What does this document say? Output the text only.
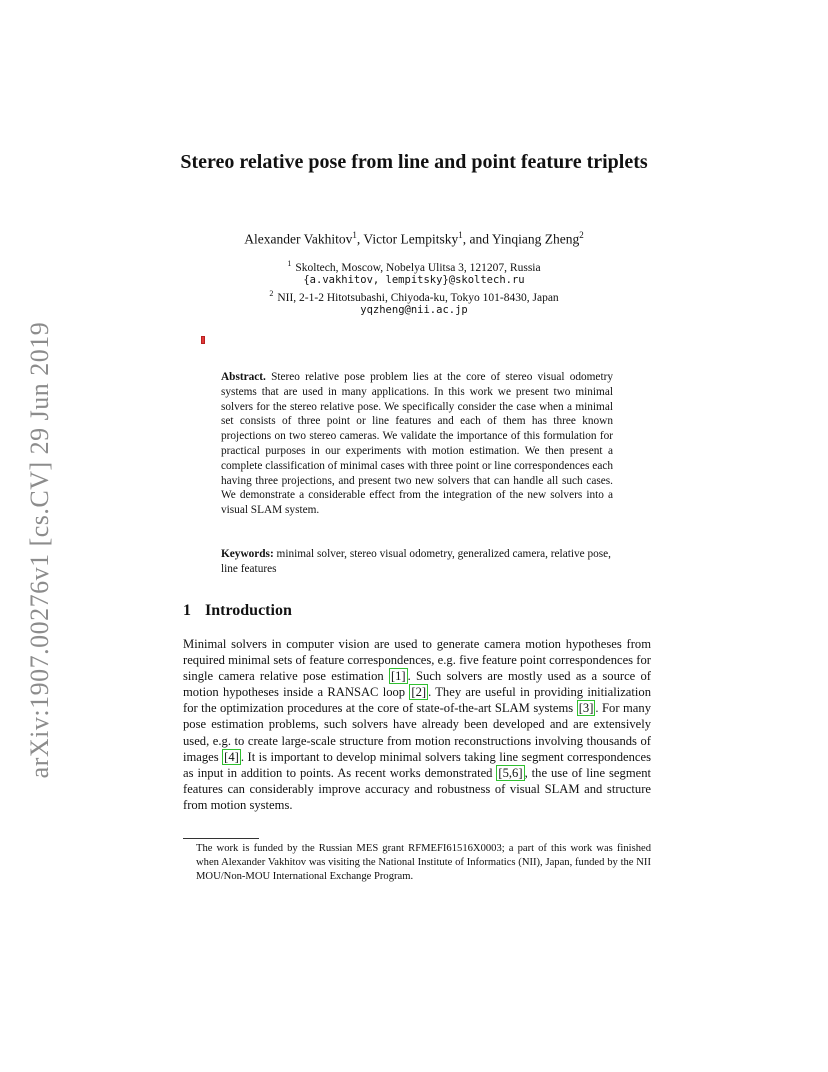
arXiv:1907.00276v1 [cs.CV] 29 Jun 2019
Stereo relative pose from line and point feature triplets
Alexander Vakhitov$^1$, Victor Lempitsky$^1$, and Yinqiang Zheng$^2$
$^1$ Skoltech, Moscow, Nobelya Ulitsa 3, 121207, Russia
{a.vakhitov, lempitsky}@skoltech.ru
$^2$ NII, 2-1-2 Hitotsubashi, Chiyoda-ku, Tokyo 101-8430, Japan
yqzheng@nii.ac.jp
Abstract. Stereo relative pose problem lies at the core of stereo visual odometry systems that are used in many applications. In this work we present two minimal solvers for the stereo relative pose. We specifically consider the case when a minimal set consists of three point or line features and each of them has three known projections on two stereo cameras. We validate the importance of this formulation for practical purposes in our experiments with motion estimation. We then present a complete classification of minimal cases with three point or line correspondences each having three projections, and present two new solvers that can handle all such cases. We demonstrate a considerable effect from the integration of the new solvers into a visual SLAM system.
Keywords: minimal solver, stereo visual odometry, generalized camera, relative pose, line features
1 Introduction
Minimal solvers in computer vision are used to generate camera motion hypotheses from required minimal sets of feature correspondences, e.g. five feature point correspondences for single camera relative pose estimation [1] . Such solvers are mostly used as a source of motion hypotheses inside a RANSAC loop [2] . They are useful in providing initialization for the optimization procedures at the core of state-of-the-art SLAM systems [3] . For many pose estimation problems, such solvers have already been developed and are extensively used, e.g. to create large-scale structure from motion reconstructions involving thousands of images [4] . It is important to develop minimal solvers taking line segment correspondences as input in addition to points. As recent works demonstrated [5,6] , the use of line segment features can considerably improve accuracy and robustness of visual SLAM and structure from motion systems.
The work is funded by the Russian MES grant RFMEFI61516X0003; a part of this work was finished when Alexander Vakhitov was visiting the National Institute of Informatics (NII), Japan, funded by the NII MOU/Non-MOU International Exchange Program.
